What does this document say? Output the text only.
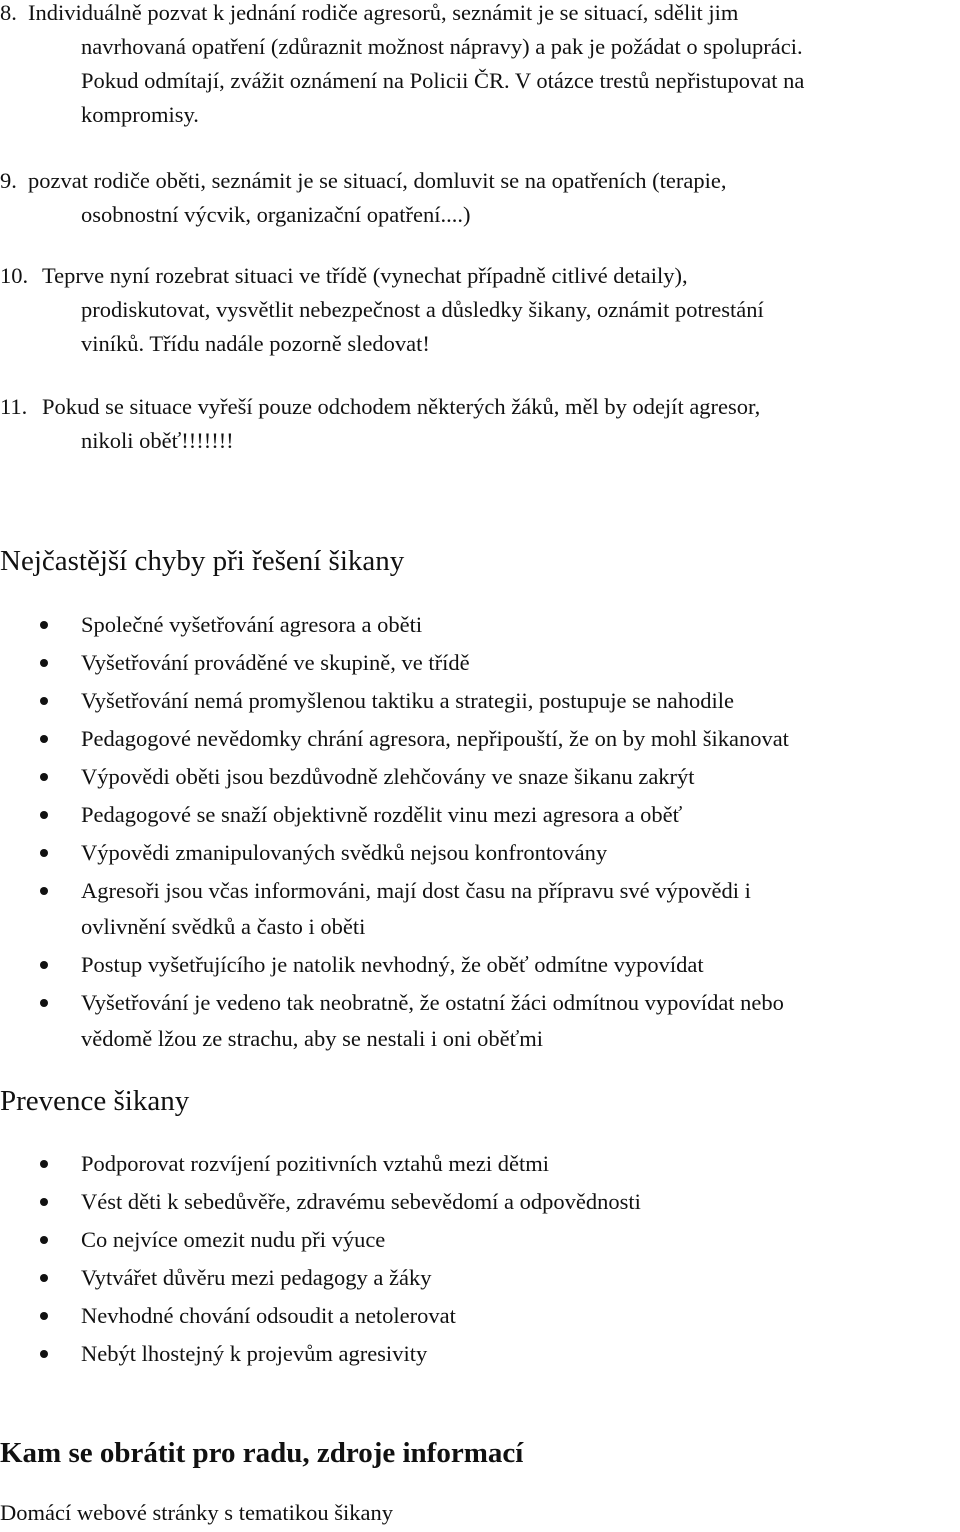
8. Individuálně pozvat k jednání rodiče agresorů, seznámit je se situací, sdělit jim
navrhovaná opatření (zdůraznit možnost nápravy) a pak je požádat o spolupráci.
Pokud odmítají, zvážit oznámení na Policii ČR. V otázce trestů nepřistupovat na
kompromisy.
9. pozvat rodiče oběti, seznámit je se situací, domluvit se na opatřeních (terapie,
osobnostní výcvik, organizační opatření....)
10. Teprve nyní rozebrat situaci ve třídě (vynechat případně citlivé detaily),
prodiskutovat, vysvětlit nebezpečnost a důsledky šikany, oznámit potrestání
viníků. Třídu nadále pozorně sledovat!
11. Pokud se situace vyřeší pouze odchodem některých žáků, měl by odejít agresor,
nikoli oběť!!!!!!!
Nejčastější chyby při řešení šikany
Společné vyšetřování agresora a oběti
Vyšetřování prováděné ve skupině, ve třídě
Vyšetřování nemá promyšlenou taktiku a strategii, postupuje se nahodile
Pedagogové nevědomky chrání agresora, nepřipouští, že on by mohl šikanovat
Výpovědi oběti jsou bezdůvodně zlehčovány ve snaze šikanu zakrýt
Pedagogové se snaží objektivně rozdělit vinu mezi agresora a oběť
Výpovědi zmanipulovaných svědků nejsou konfrontovány
Agresoři jsou včas informováni, mají dost času na přípravu své výpovědi i
ovlivnění svědků a často i oběti
Postup vyšetřujícího je natolik nevhodný, že oběť odmítne vypovídat
Vyšetřování je vedeno tak neobratně, že ostatní žáci odmítnou vypovídat nebo
vědomě lžou ze strachu, aby se nestali i oni oběťmi
Prevence šikany
Podporovat rozvíjení pozitivních vztahů mezi dětmi
Vést děti k sebedůvěře, zdravému sebevědomí a odpovědnosti
Co nejvíce omezit nudu při výuce
Vytvářet důvěru mezi pedagogy a žáky
Nevhodné chování odsoudit a netolerovat
Nebýt lhostejný k projevům agresivity
Kam se obrátit pro radu, zdroje informací
Domácí webové stránky s tematikou šikany
